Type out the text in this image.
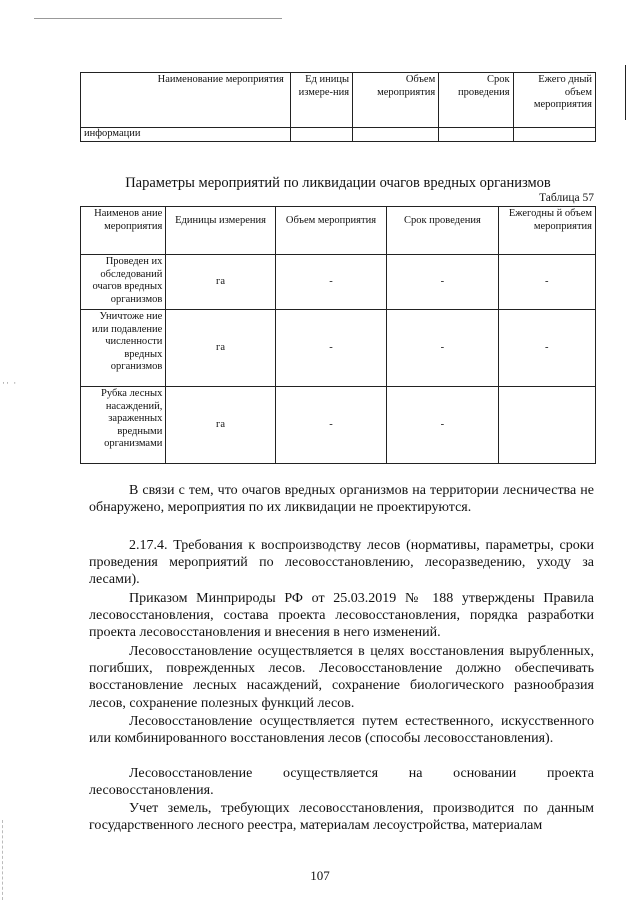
·· ·
Наименование мероприятия	Ед иницы измере-ния	Объем мероприятия	Срок проведения	Ежего дный объем мероприятия
информации				
Параметры мероприятий по ликвидации очагов вредных организмов
Таблица 57
Наименов ание мероприятия	Единицы измерения	Объем мероприятия	Срок проведения	Ежегодны й объем мероприятия
Проведен их обследований очагов вредных организмов	га	-	-	-
Уничтоже ние или подавление численности вредных организмов	га	-	-	-
Рубка лесных насаждений, зараженных вредными организмами	га	-	-	
В связи с тем, что очагов вредных организмов на территории лесничества не обнаружено, мероприятия по их ликвидации не проектируются.
2.17.4. Требования к воспроизводству лесов (нормативы, параметры, сроки проведения мероприятий по лесовосстановлению, лесоразведению, уходу за лесами).
Приказом Минприроды РФ от 25.03.2019 № 188 утверждены Правила лесовосстановления, состава проекта лесовосстановления, порядка разработки проекта лесовосстановления и внесения в него изменений.
Лесовосстановление осуществляется в целях восстановления вырубленных, погибших, поврежденных лесов. Лесовосстановление должно обеспечивать восстановление лесных насаждений, сохранение биологического разнообразия лесов, сохранение полезных функций лесов.
Лесовосстановление осуществляется путем естественного, искусственного или комбинированного восстановления лесов (способы лесовосстановления).
Лесовосстановление осуществляется на основании проекта лесовосстановления.
Учет земель, требующих лесовосстановления, производится по данным государственного лесного реестра, материалам лесоустройства, материалам
107
